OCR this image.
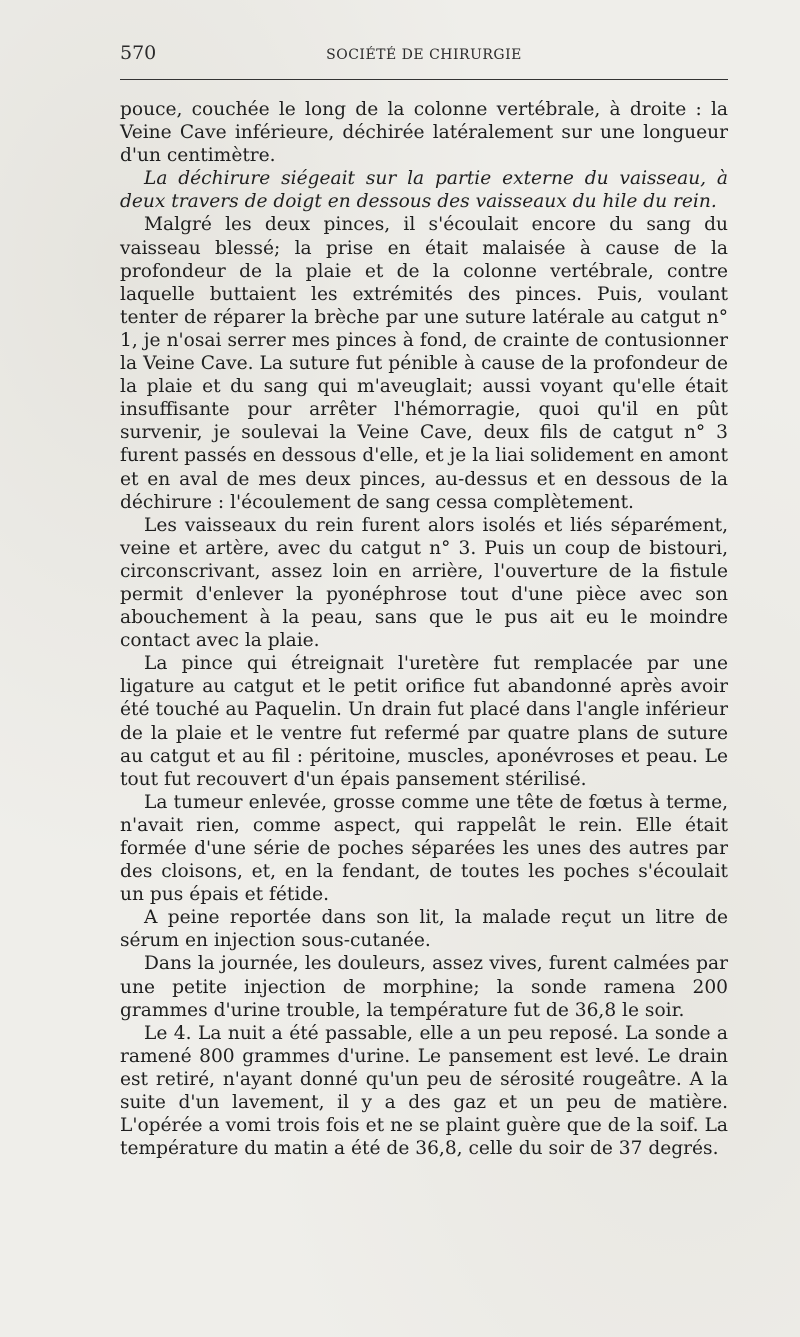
570	SOCIÉTÉ DE CHIRURGIE

pouce, couchée le long de la colonne vertébrale, à droite : la Veine Cave inférieure, déchirée latéralement sur une longueur d'un centimètre.

La déchirure siégeait sur la partie externe du vaisseau, à deux travers de doigt en dessous des vaisseaux du hile du rein.

Malgré les deux pinces, il s'écoulait encore du sang du vaisseau blessé; la prise en était malaisée à cause de la profondeur de la plaie et de la colonne vertébrale, contre laquelle buttaient les extrémités des pinces. Puis, voulant tenter de réparer la brèche par une suture latérale au catgut n° 1, je n'osai serrer mes pinces à fond, de crainte de contusionner la Veine Cave. La suture fut pénible à cause de la profondeur de la plaie et du sang qui m'aveuglait; aussi voyant qu'elle était insuffisante pour arrêter l'hémorragie, quoi qu'il en pût survenir, je soulevai la Veine Cave, deux fils de catgut n° 3 furent passés en dessous d'elle, et je la liai solidement en amont et en aval de mes deux pinces, au-dessus et en dessous de la déchirure : l'écoulement de sang cessa complètement.

Les vaisseaux du rein furent alors isolés et liés séparément, veine et artère, avec du catgut n° 3. Puis un coup de bistouri, circonscrivant, assez loin en arrière, l'ouverture de la fistule permit d'enlever la pyonéphrose tout d'une pièce avec son abouchement à la peau, sans que le pus ait eu le moindre contact avec la plaie.

La pince qui étreignait l'uretère fut remplacée par une ligature au catgut et le petit orifice fut abandonné après avoir été touché au Paquelin. Un drain fut placé dans l'angle inférieur de la plaie et le ventre fut refermé par quatre plans de suture au catgut et au fil : péritoine, muscles, aponévroses et peau. Le tout fut recouvert d'un épais pansement stérilisé.

La tumeur enlevée, grosse comme une tête de fœtus à terme, n'avait rien, comme aspect, qui rappelât le rein. Elle était formée d'une série de poches séparées les unes des autres par des cloisons, et, en la fendant, de toutes les poches s'écoulait un pus épais et fétide.

A peine reportée dans son lit, la malade reçut un litre de sérum en injection sous-cutanée.

Dans la journée, les douleurs, assez vives, furent calmées par une petite injection de morphine; la sonde ramena 200 grammes d'urine trouble, la température fut de 36,8 le soir.

Le 4. La nuit a été passable, elle a un peu reposé. La sonde a ramené 800 grammes d'urine. Le pansement est levé. Le drain est retiré, n'ayant donné qu'un peu de sérosité rougeâtre. A la suite d'un lavement, il y a des gaz et un peu de matière. L'opérée a vomi trois fois et ne se plaint guère que de la soif. La température du matin a été de 36,8, celle du soir de 37 degrés.
